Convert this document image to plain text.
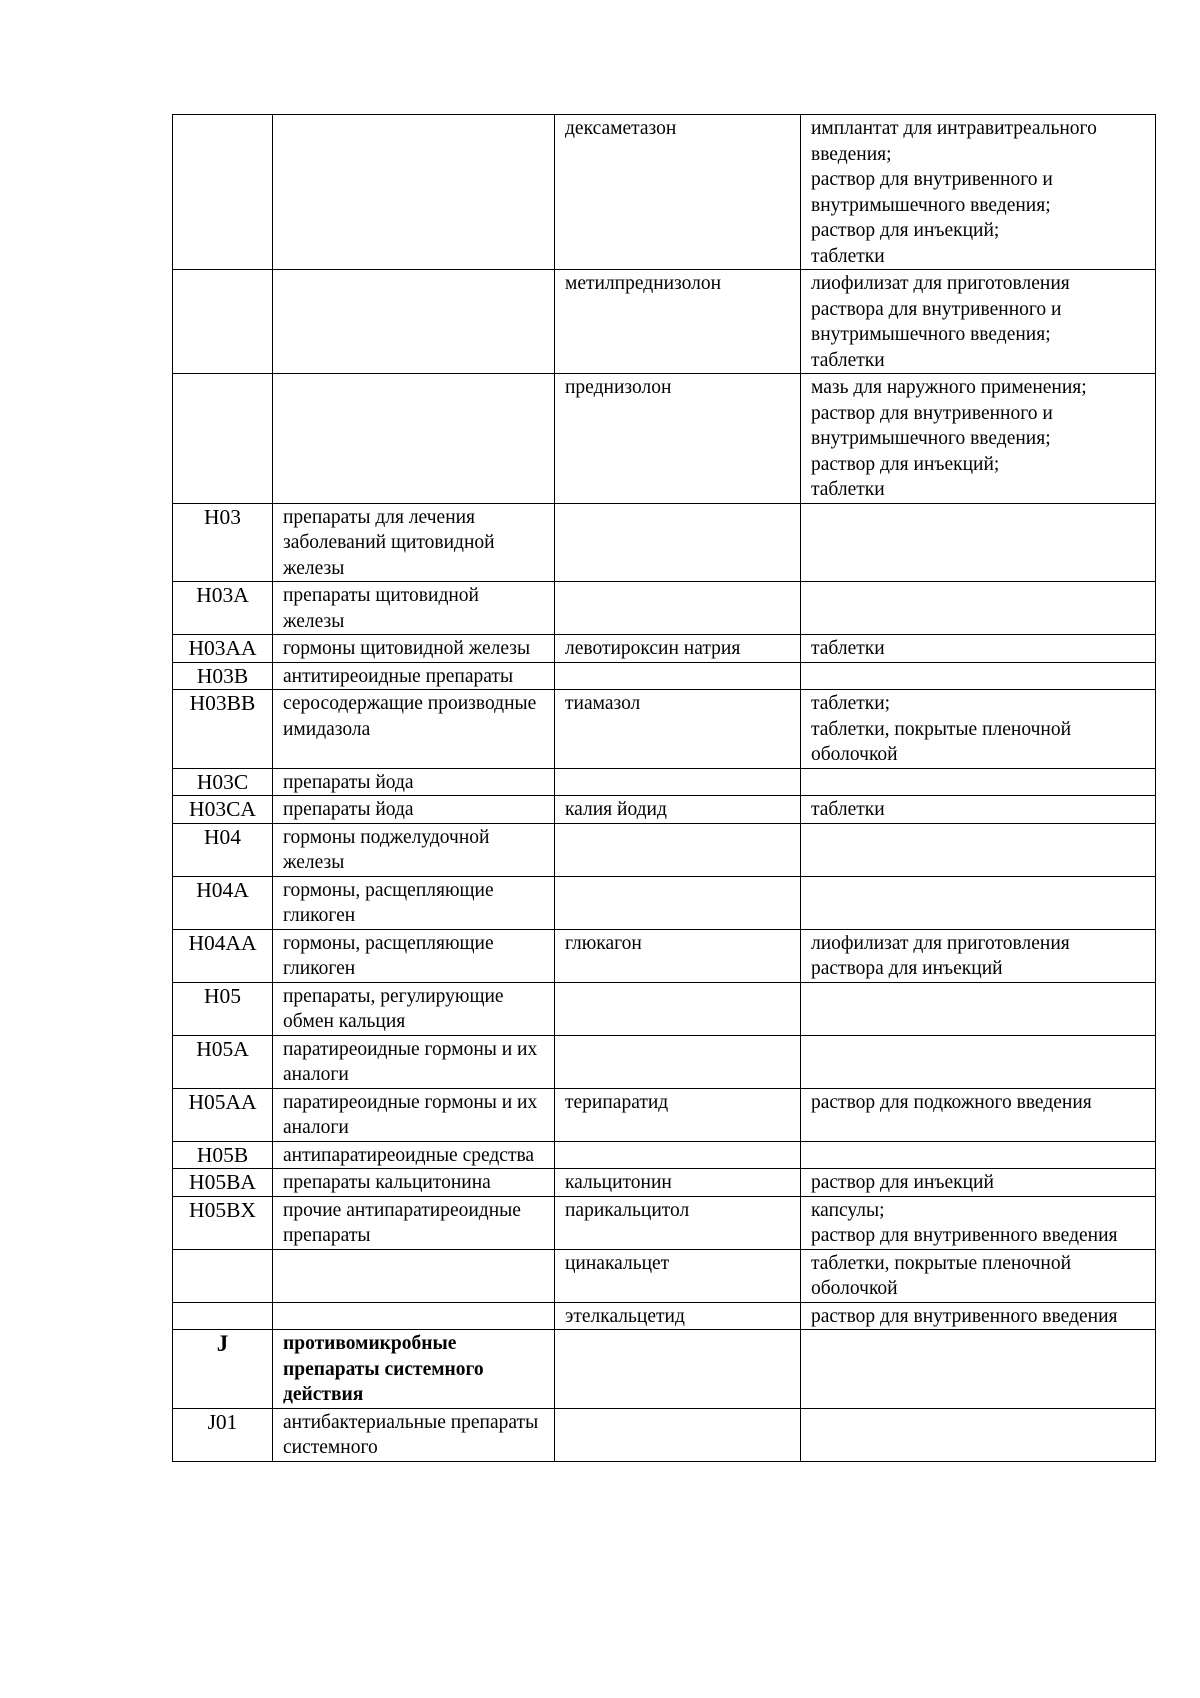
		дексаметазон	имплантат для интравитреального введения;
раствор для внутривенного и внутримышечного введения;
раствор для инъекций;
таблетки

		метилпреднизолон	лиофилизат для приготовления раствора для внутривенного и внутримышечного введения;
таблетки

		преднизолон	мазь для наружного применения;
раствор для внутривенного и внутримышечного введения;
раствор для инъекций;
таблетки

H03	препараты для лечения заболеваний щитовидной железы		
H03A	препараты щитовидной железы		
H03AA	гормоны щитовидной железы	левотироксин натрия	таблетки

H03B	антитиреоидные препараты		
H03BB	серосодержащие производные имидазола	тиамазол	таблетки;
таблетки, покрытые пленочной оболочкой

H03C	препараты йода		
H03CA	препараты йода	калия йодид	таблетки

H04	гормоны поджелудочной железы		
H04A	гормоны, расщепляющие гликоген		
H04AA	гормоны, расщепляющие гликоген	глюкагон	лиофилизат для приготовления раствора для инъекций

H05	препараты, регулирующие обмен кальция		
H05A	паратиреоидные гормоны и их аналоги		
H05AA	паратиреоидные гормоны и их аналоги	терипаратид	раствор для подкожного введения

H05B	антипаратиреоидные средства		
H05BA	препараты кальцитонина	кальцитонин	раствор для инъекций

H05BX	прочие антипаратиреоидные препараты	парикальцитол	капсулы;
раствор для внутривенного введения

		цинакальцет	таблетки, покрытые пленочной оболочкой

		этелкальцетид	раствор для внутривенного введения

J	противомикробные препараты системного действия		
J01	антибактериальные препараты системного		
